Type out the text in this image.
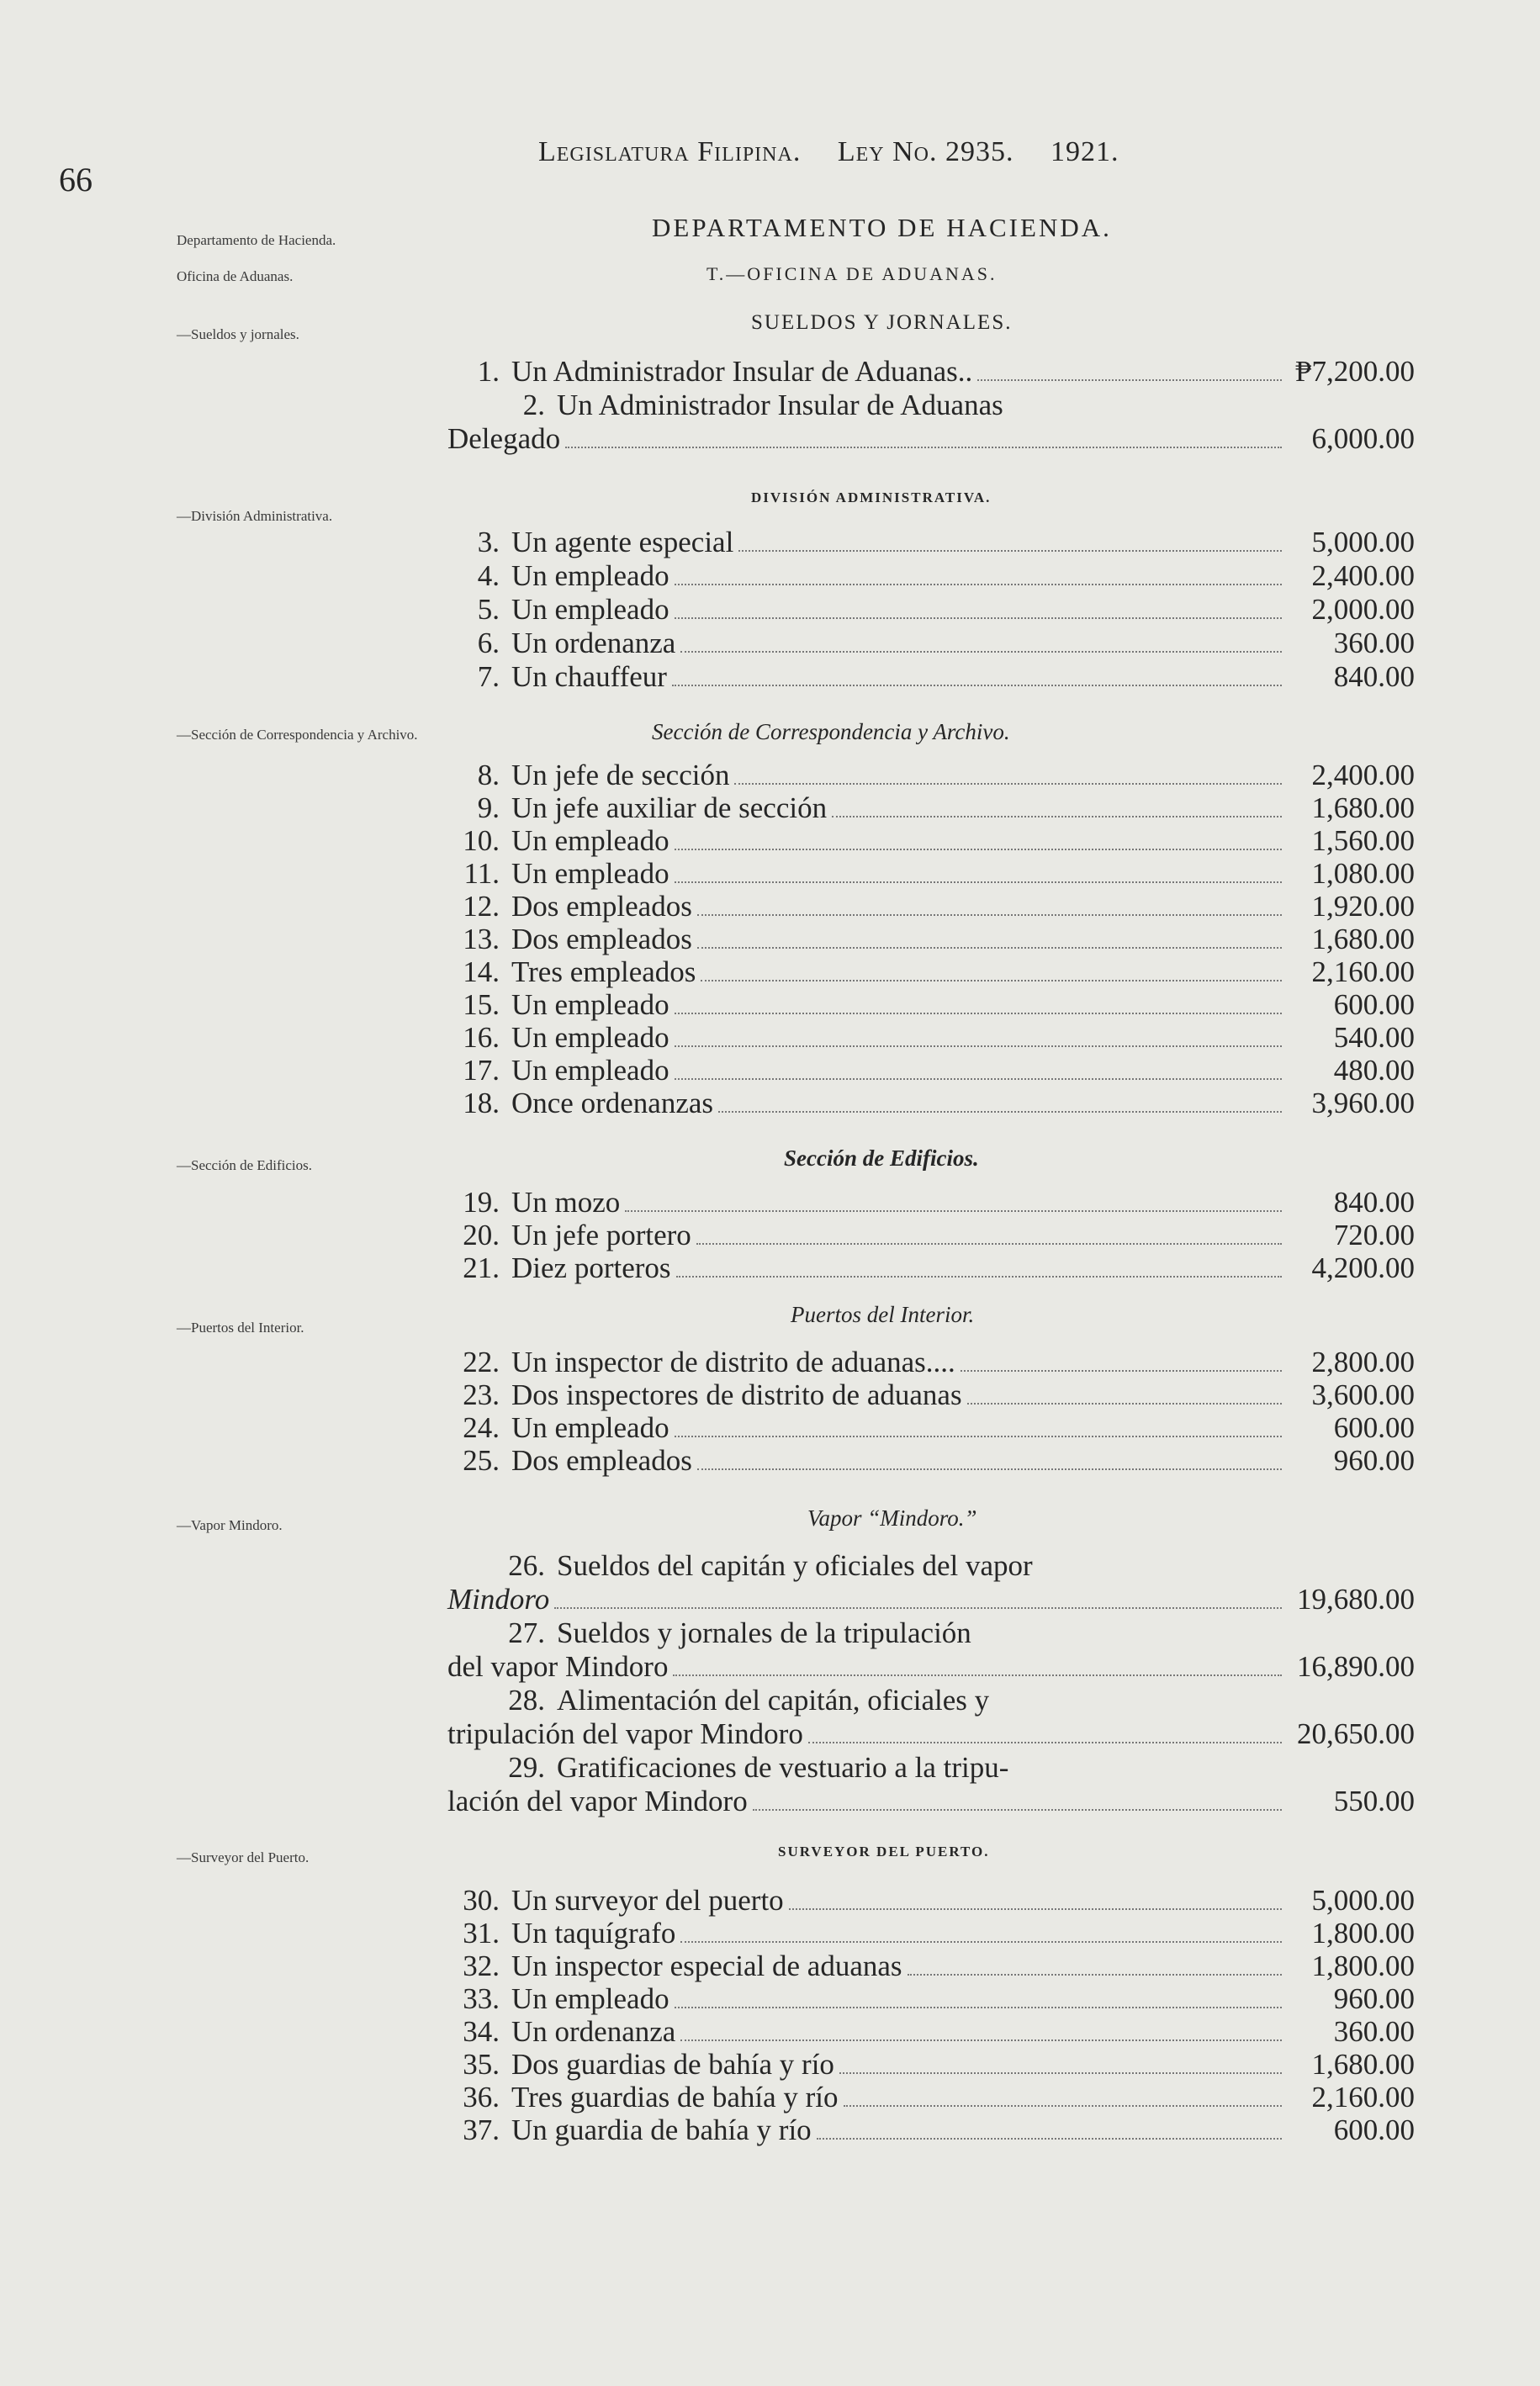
66
Legislatura Filipina. Ley No. 2935. 1921.
DEPARTAMENTO DE HACIENDA.
T.—OFICINA DE ADUANAS.
Departamento de Hacienda.
Oficina de Aduanas.
—Sueldos y jornales.
—División Administrativa.
—Sección de Correspondencia y Archivo.
—Sección de Edificios.
—Puertos del Interior.
—Vapor Mindoro.
—Surveyor del Puerto.
SUELDOS Y JORNALES.
DIVISIÓN ADMINISTRATIVA.
Sección de Correspondencia y Archivo.
Sección de Edificios.
Puertos del Interior.
Vapor “Mindoro.”
SURVEYOR DEL PUERTO.
1. Un Administrador Insular de Aduanas..	₱7,200.00
2. Un Administrador Insular de Aduanas
Delegado	6,000.00
3. Un agente especial	5,000.00
4. Un empleado	2,400.00
5. Un empleado	2,000.00
6. Un ordenanza	360.00
7. Un chauffeur	840.00
8. Un jefe de sección	2,400.00
9. Un jefe auxiliar de sección	1,680.00
10. Un empleado	1,560.00
11. Un empleado	1,080.00
12. Dos empleados	1,920.00
13. Dos empleados	1,680.00
14. Tres empleados	2,160.00
15. Un empleado	600.00
16. Un empleado	540.00
17. Un empleado	480.00
18. Once ordenanzas	3,960.00
19. Un mozo	840.00
20. Un jefe portero	720.00
21. Diez porteros	4,200.00
22. Un inspector de distrito de aduanas....	2,800.00
23. Dos inspectores de distrito de aduanas	3,600.00
24. Un empleado	600.00
25. Dos empleados	960.00
26. Sueldos del capitán y oficiales del vapor
Mindoro	19,680.00
27. Sueldos y jornales de la tripulación
del vapor Mindoro	16,890.00
28. Alimentación del capitán, oficiales y
tripulación del vapor Mindoro	20,650.00
29. Gratificaciones de vestuario a la tripu-
lación del vapor Mindoro	550.00
30. Un surveyor del puerto	5,000.00
31. Un taquígrafo	1,800.00
32. Un inspector especial de aduanas	1,800.00
33. Un empleado	960.00
34. Un ordenanza	360.00
35. Dos guardias de bahía y río	1,680.00
36. Tres guardias de bahía y río	2,160.00
37. Un guardia de bahía y río	600.00
